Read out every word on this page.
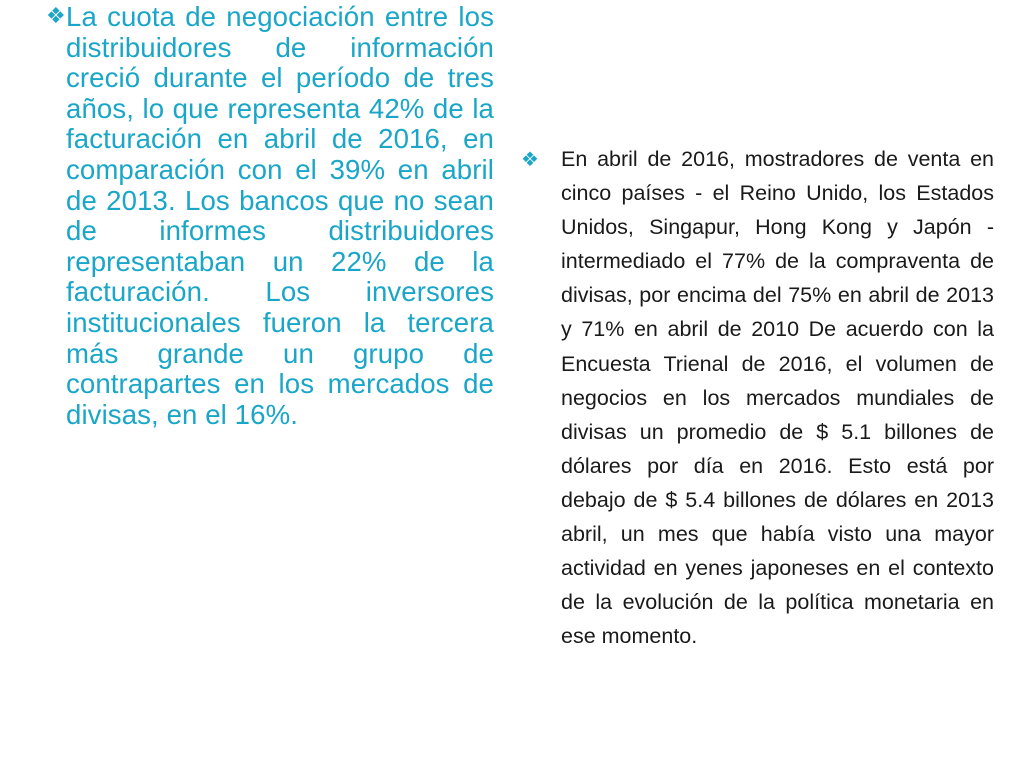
❖ La cuota de negociación entre los distribuidores de información creció durante el período de tres años, lo que representa 42% de la facturación en abril de 2016, en comparación con el 39% en abril de 2013. Los bancos que no sean de informes distribuidores representaban un 22% de la facturación. Los inversores institucionales fueron la tercera más grande un grupo de contrapartes en los mercados de divisas, en el 16%.

❖	En abril de 2016, mostradores de venta en cinco países - el Reino Unido, los Estados Unidos, Singapur, Hong Kong y Japón - intermediado el 77% de la compraventa de divisas, por encima del 75% en abril de 2013 y 71% en abril de 2010 De acuerdo con la Encuesta Trienal de 2016, el volumen de negocios en los mercados mundiales de divisas un promedio de $ 5.1 billones de dólares por día en 2016. Esto está por debajo de $ 5.4 billones de dólares en 2013 abril, un mes que había visto una mayor actividad en yenes japoneses en el contexto de la evolución de la política monetaria en ese momento.
